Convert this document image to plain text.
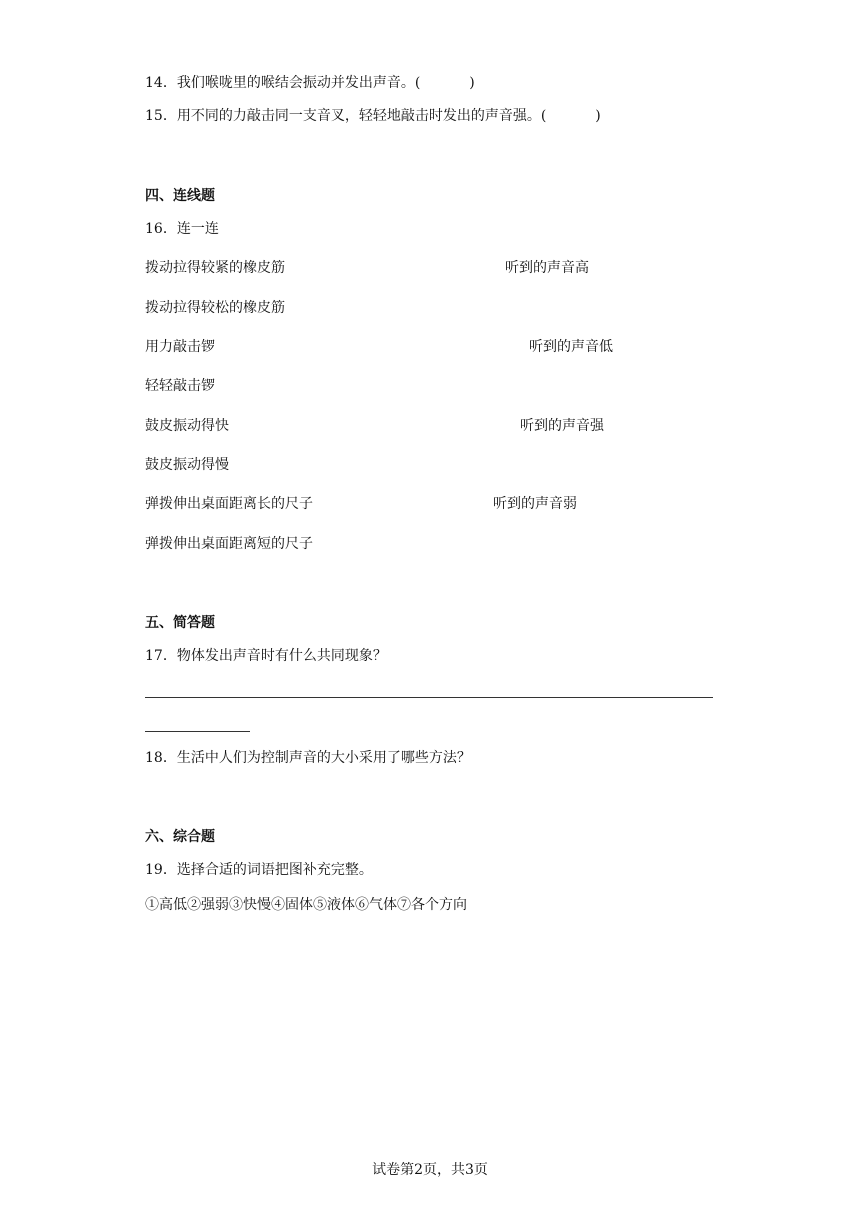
14．我们喉咙里的喉结会振动并发出声音。(           )
15．用不同的力敲击同一支音叉，轻轻地敲击时发出的声音强。(           )
四、连线题
16．连一连
拨动拉得较紧的橡皮筋	听到的声音高
拨动拉得较松的橡皮筋
用力敲击锣	听到的声音低
轻轻敲击锣
鼓皮振动得快	听到的声音强
鼓皮振动得慢
弹拨伸出桌面距离长的尺子	听到的声音弱
弹拨伸出桌面距离短的尺子
五、简答题
17．物体发出声音时有什么共同现象？
18．生活中人们为控制声音的大小采用了哪些方法？
六、综合题
19．选择合适的词语把图补充完整。
①高低②强弱③快慢④固体⑤液体⑥气体⑦各个方向
试卷第2页，共3页
